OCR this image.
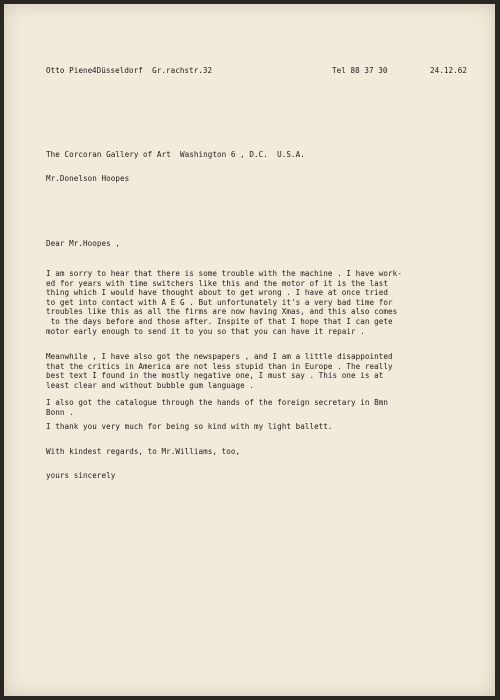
Otto Piene

4Düsseldorf  Gr.rachstr.32

	Tel 88 37 30

	24.12.62

The Corcoran Gallery of Art  Washington 6 , D.C.  U.S.A.
Mr.Donelson Hoopes
Dear Mr.Hoopes ,
I am sorry to hear that there is some trouble with the machine . I have work-
ed for years with time switchers like this and the motor of it is the last
thing which I would have thought about to get wrong . I have at once tried
to get into contact with A E G . But unfortunately it's a very bad time for
troubles like this as all the firms are now having Xmas, and this also comes
to the days before and those after. Inspite of that I hope that I can gete
motor early enough to send it to you so that you can have it repair .
Meanwhile , I have also got the newspapers , and I am a little disappointed
that the critics in America are not less stupid than in Europe . The really
best text I found in the mostly negative one, I must say . This one is at
least clear and without bubble gum language .
I also got the catalogue through the hands of the foreign secretary in Bmn
Bonn .
I thank you very much for being so kind with my light ballett.
With kindest regards, to Mr.Williams, too,
yours sincerely
